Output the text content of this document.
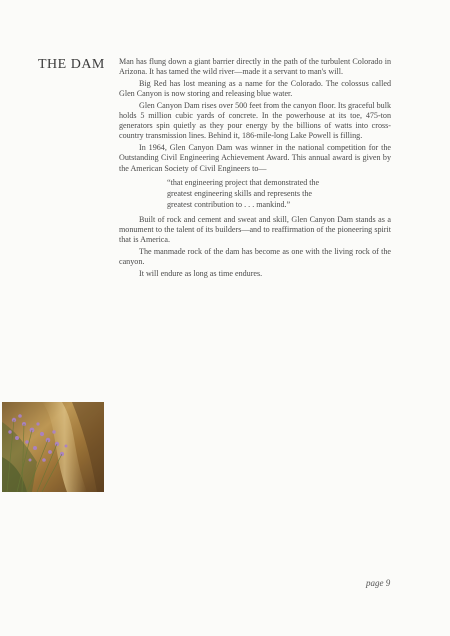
THE DAM Man has flung down a giant barrier directly in the path of the turbulent Colorado in Arizona. It has tamed the wild river—made it a servant to man's will.

Big Red has lost meaning as a name for the Colorado. The colossus called Glen Canyon is now storing and releasing blue water.

Glen Canyon Dam rises over 500 feet from the canyon floor. Its graceful bulk holds 5 million cubic yards of concrete. In the powerhouse at its toe, 475-ton generators spin quietly as they pour energy by the billions of watts into cross-country transmission lines. Behind it, 186-mile-long Lake Powell is filling.

In 1964, Glen Canyon Dam was winner in the national competition for the Outstanding Civil Engineering Achievement Award. This annual award is given by the American Society of Civil Engineers to—

“that engineering project that demonstrated the
greatest engineering skills and represents the
greatest contribution to . . . mankind.”

Built of rock and cement and sweat and skill, Glen Canyon Dam stands as a monument to the talent of its builders—and to reaffirmation of the pioneering spirit that is America.

The manmade rock of the dam has become as one with the living rock of the canyon.

It will endure as long as time endures.

page 9
